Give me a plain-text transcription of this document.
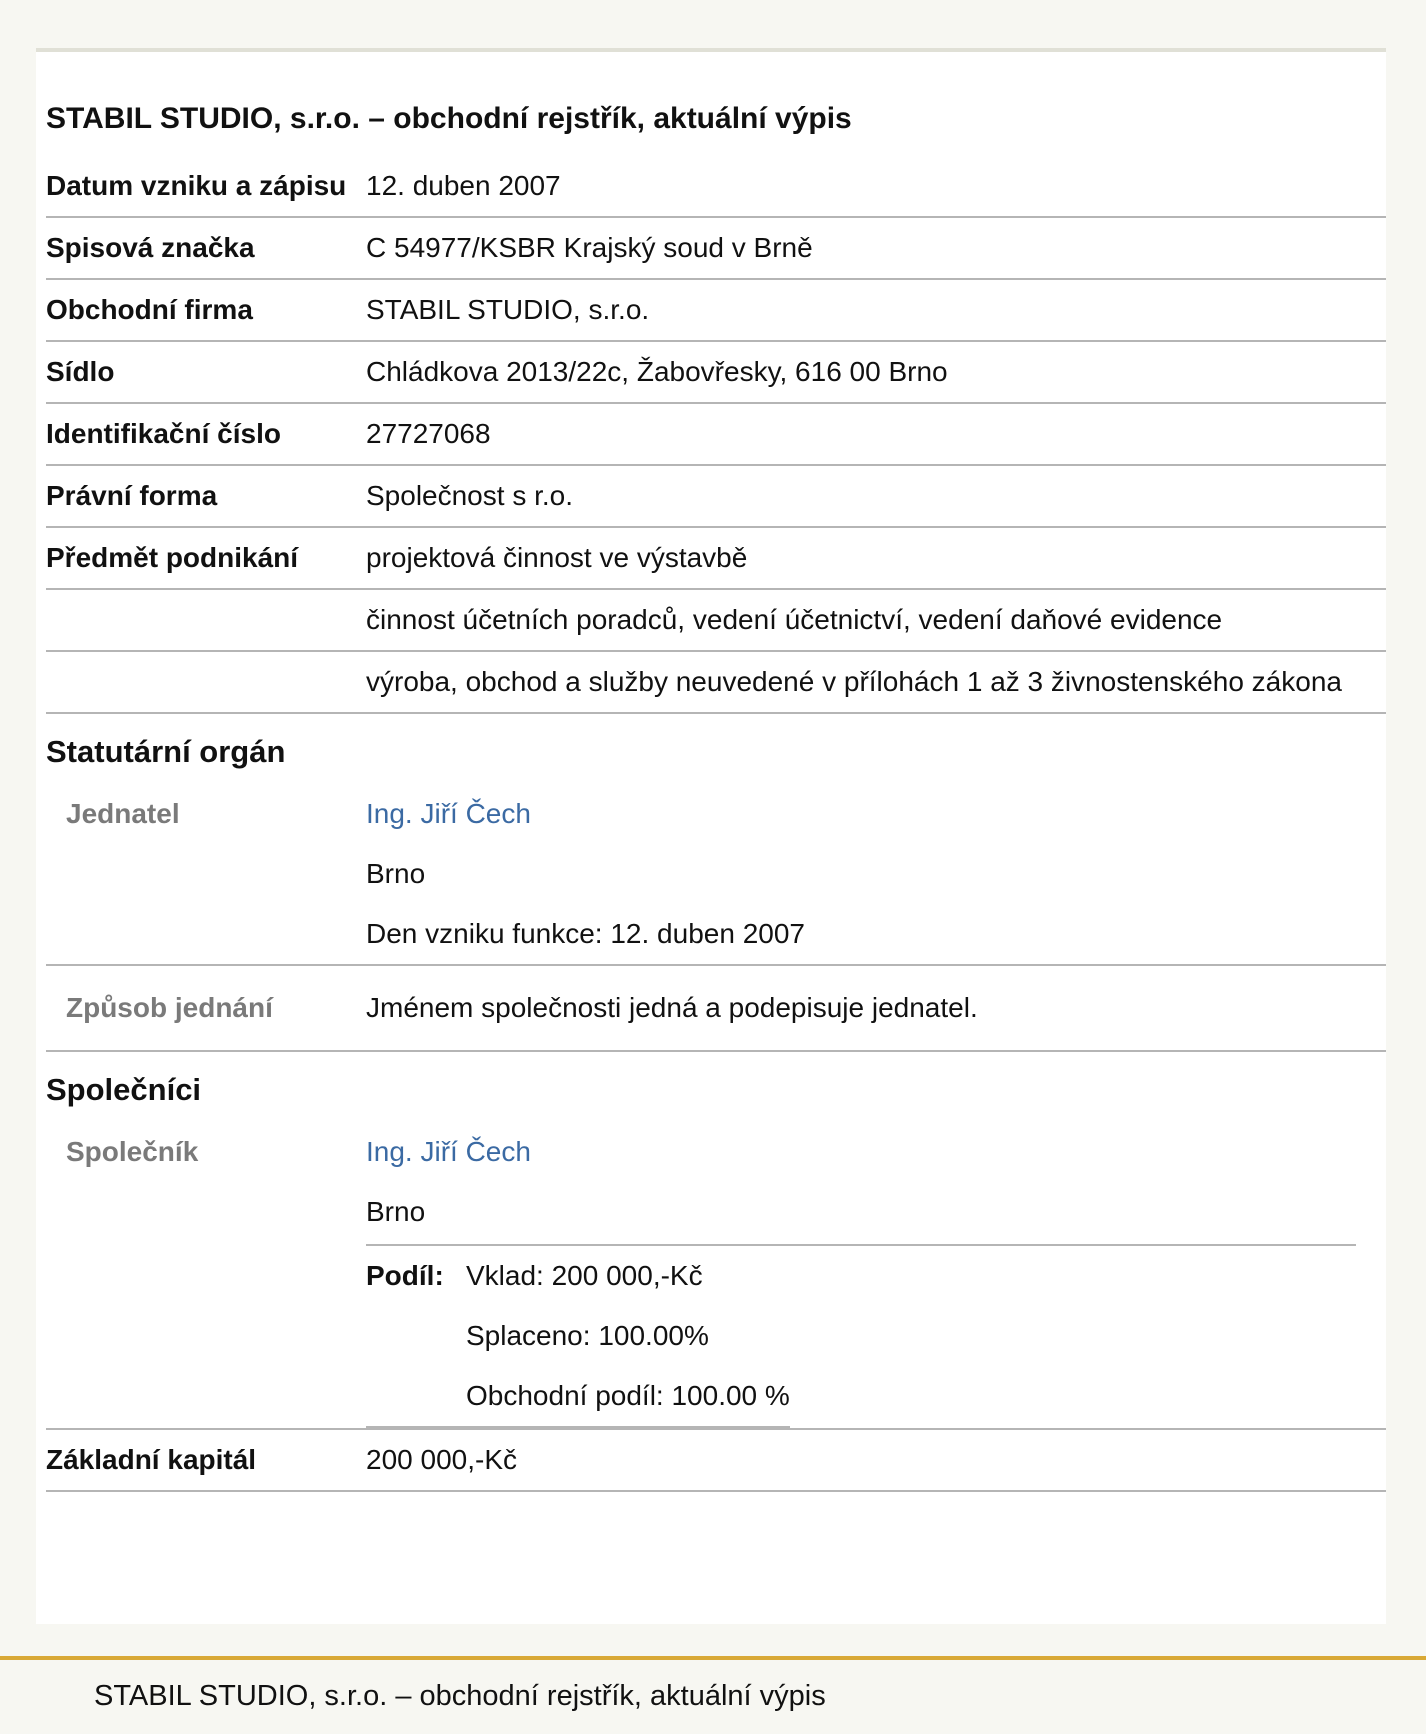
STABIL STUDIO, s.r.o. – obchodní rejstřík, aktuální výpis
Datum vzniku a zápisu	12. duben 2007
Spisová značka	C 54977/KSBR Krajský soud v Brně
Obchodní firma	STABIL STUDIO, s.r.o.
Sídlo	Chládkova 2013/22c, Žabovřesky, 616 00 Brno
Identifikační číslo	27727068
Právní forma	Společnost s r.o.
Předmět podnikání	projektová činnost ve výstavbě
	činnost účetních poradců, vedení účetnictví, vedení daňové evidence
	výroba, obchod a služby neuvedené v přílohách 1 až 3 živnostenského zákona
Statutární orgán
Jednatel	Ing. Jiří Čech
Brno
Den vzniku funkce: 12. duben 2007

Způsob jednání	Jménem společnosti jedná a podepisuje jednatel.
Společníci
Společník	Ing. Jiří Čech
Brno
Podíl:	Vklad: 200 000,-Kč
Splaceno: 100.00%
Obchodní podíl: 100.00 %

Základní kapitál	200 000,-Kč
STABIL STUDIO, s.r.o. – obchodní rejstřík, aktuální výpis
